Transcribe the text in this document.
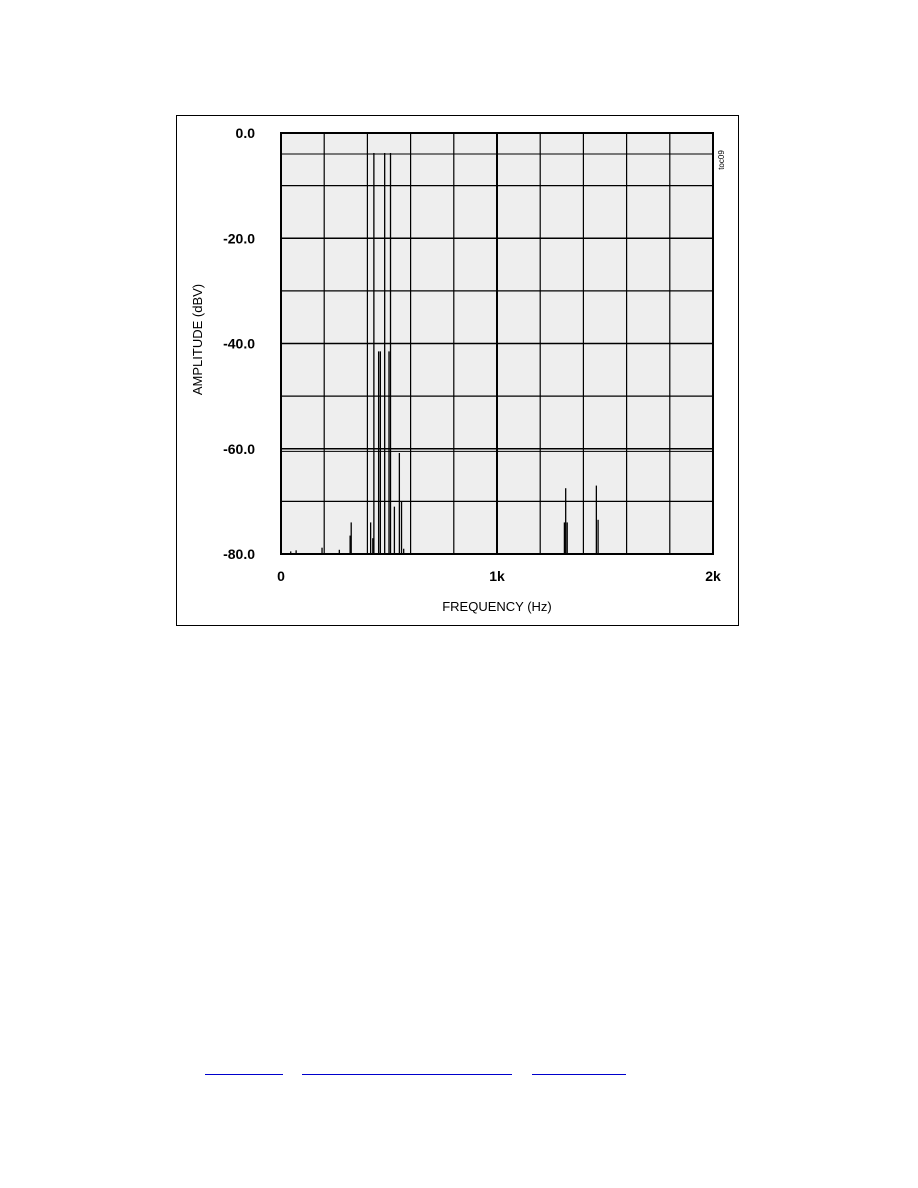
0.0
-20.0
-40.0
-60.0
-80.0
0	1k	2k
FREQUENCY (Hz)
AMPLITUDE (dBV)
toc09
